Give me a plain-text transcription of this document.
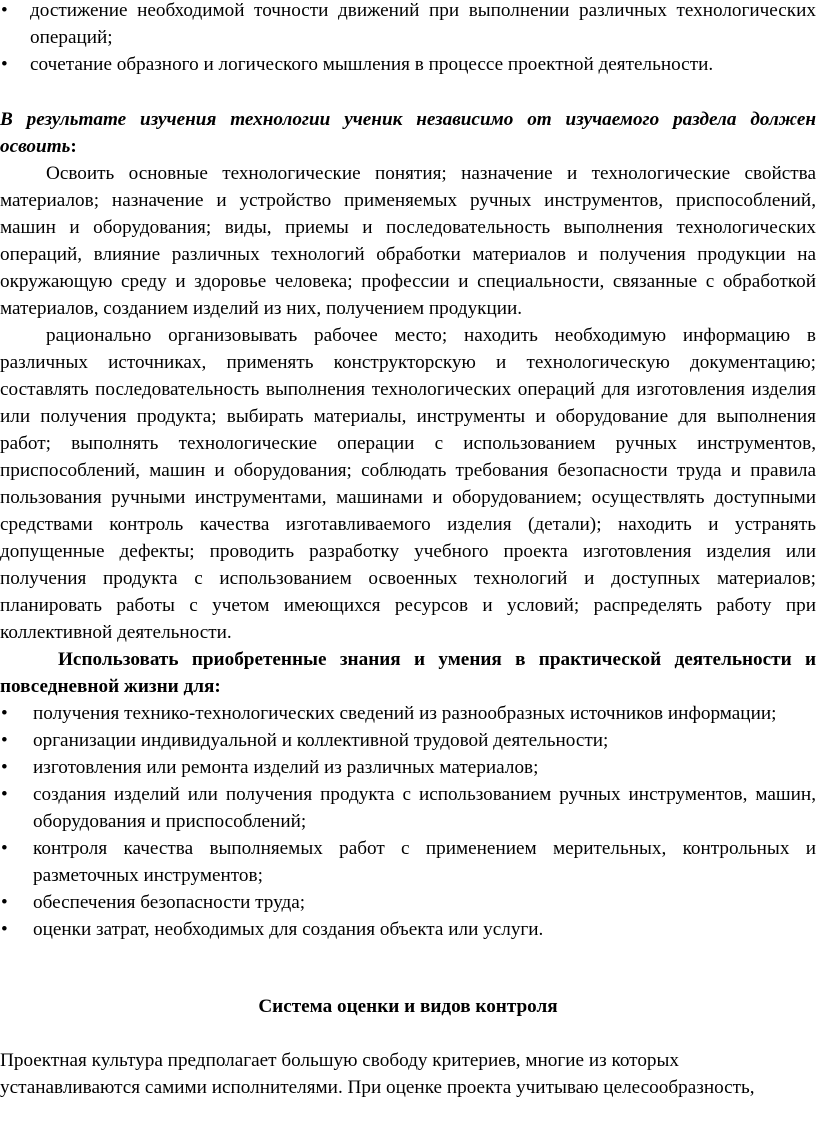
• достижение необходимой точности движений при выполнении различных технологических операций;
• сочетание образного и логического мышления в процессе проектной деятельности.

В результате изучения технологии ученик независимо от изучаемого раздела должен освоить:

Освоить основные технологические понятия; назначение и технологические свойства материалов; назначение и устройство применяемых ручных инструментов, приспособлений, машин и оборудования; виды, приемы и последовательность выполнения технологических операций, влияние различных технологий обработки материалов и получения продукции на окружающую среду и здоровье человека; профессии и специальности, связанные с обработкой материалов, созданием изделий из них, получением продукции.

рационально организовывать рабочее место; находить необходимую информацию в различных источниках, применять конструкторскую и технологическую документацию; составлять последовательность выполнения технологических операций для изготовления изделия или получения продукта; выбирать материалы, инструменты и оборудование для выполнения работ; выполнять технологические операции с использованием ручных инструментов, приспособлений, машин и оборудования; соблюдать требования безопасности труда и правила пользования ручными инструментами, машинами и оборудованием; осуществлять доступными средствами контроль качества изготавливаемого изделия (детали); находить и устранять допущенные дефекты; проводить разработку учебного проекта изготовления изделия или получения продукта с использованием освоенных технологий и доступных материалов; планировать работы с учетом имеющихся ресурсов и условий; распределять работу при коллективной деятельности.

Использовать приобретенные знания и умения в практической деятельности и повседневной жизни для:

• получения технико-технологических сведений из разнообразных источников информации;
• организации индивидуальной и коллективной трудовой деятельности;
• изготовления или ремонта изделий из различных материалов;
• создания изделий или получения продукта с использованием ручных инструментов, машин, оборудования и приспособлений;
• контроля качества выполняемых работ с применением мерительных, контрольных и разметочных инструментов;
• обеспечения безопасности труда;
• оценки затрат, необходимых для создания объекта или услуги.

Система оценки и видов контроля

Проектная культура предполагает большую свободу критериев, многие из которых

устанавливаются самими исполнителями. При оценке проекта учитываю целесообразность,
